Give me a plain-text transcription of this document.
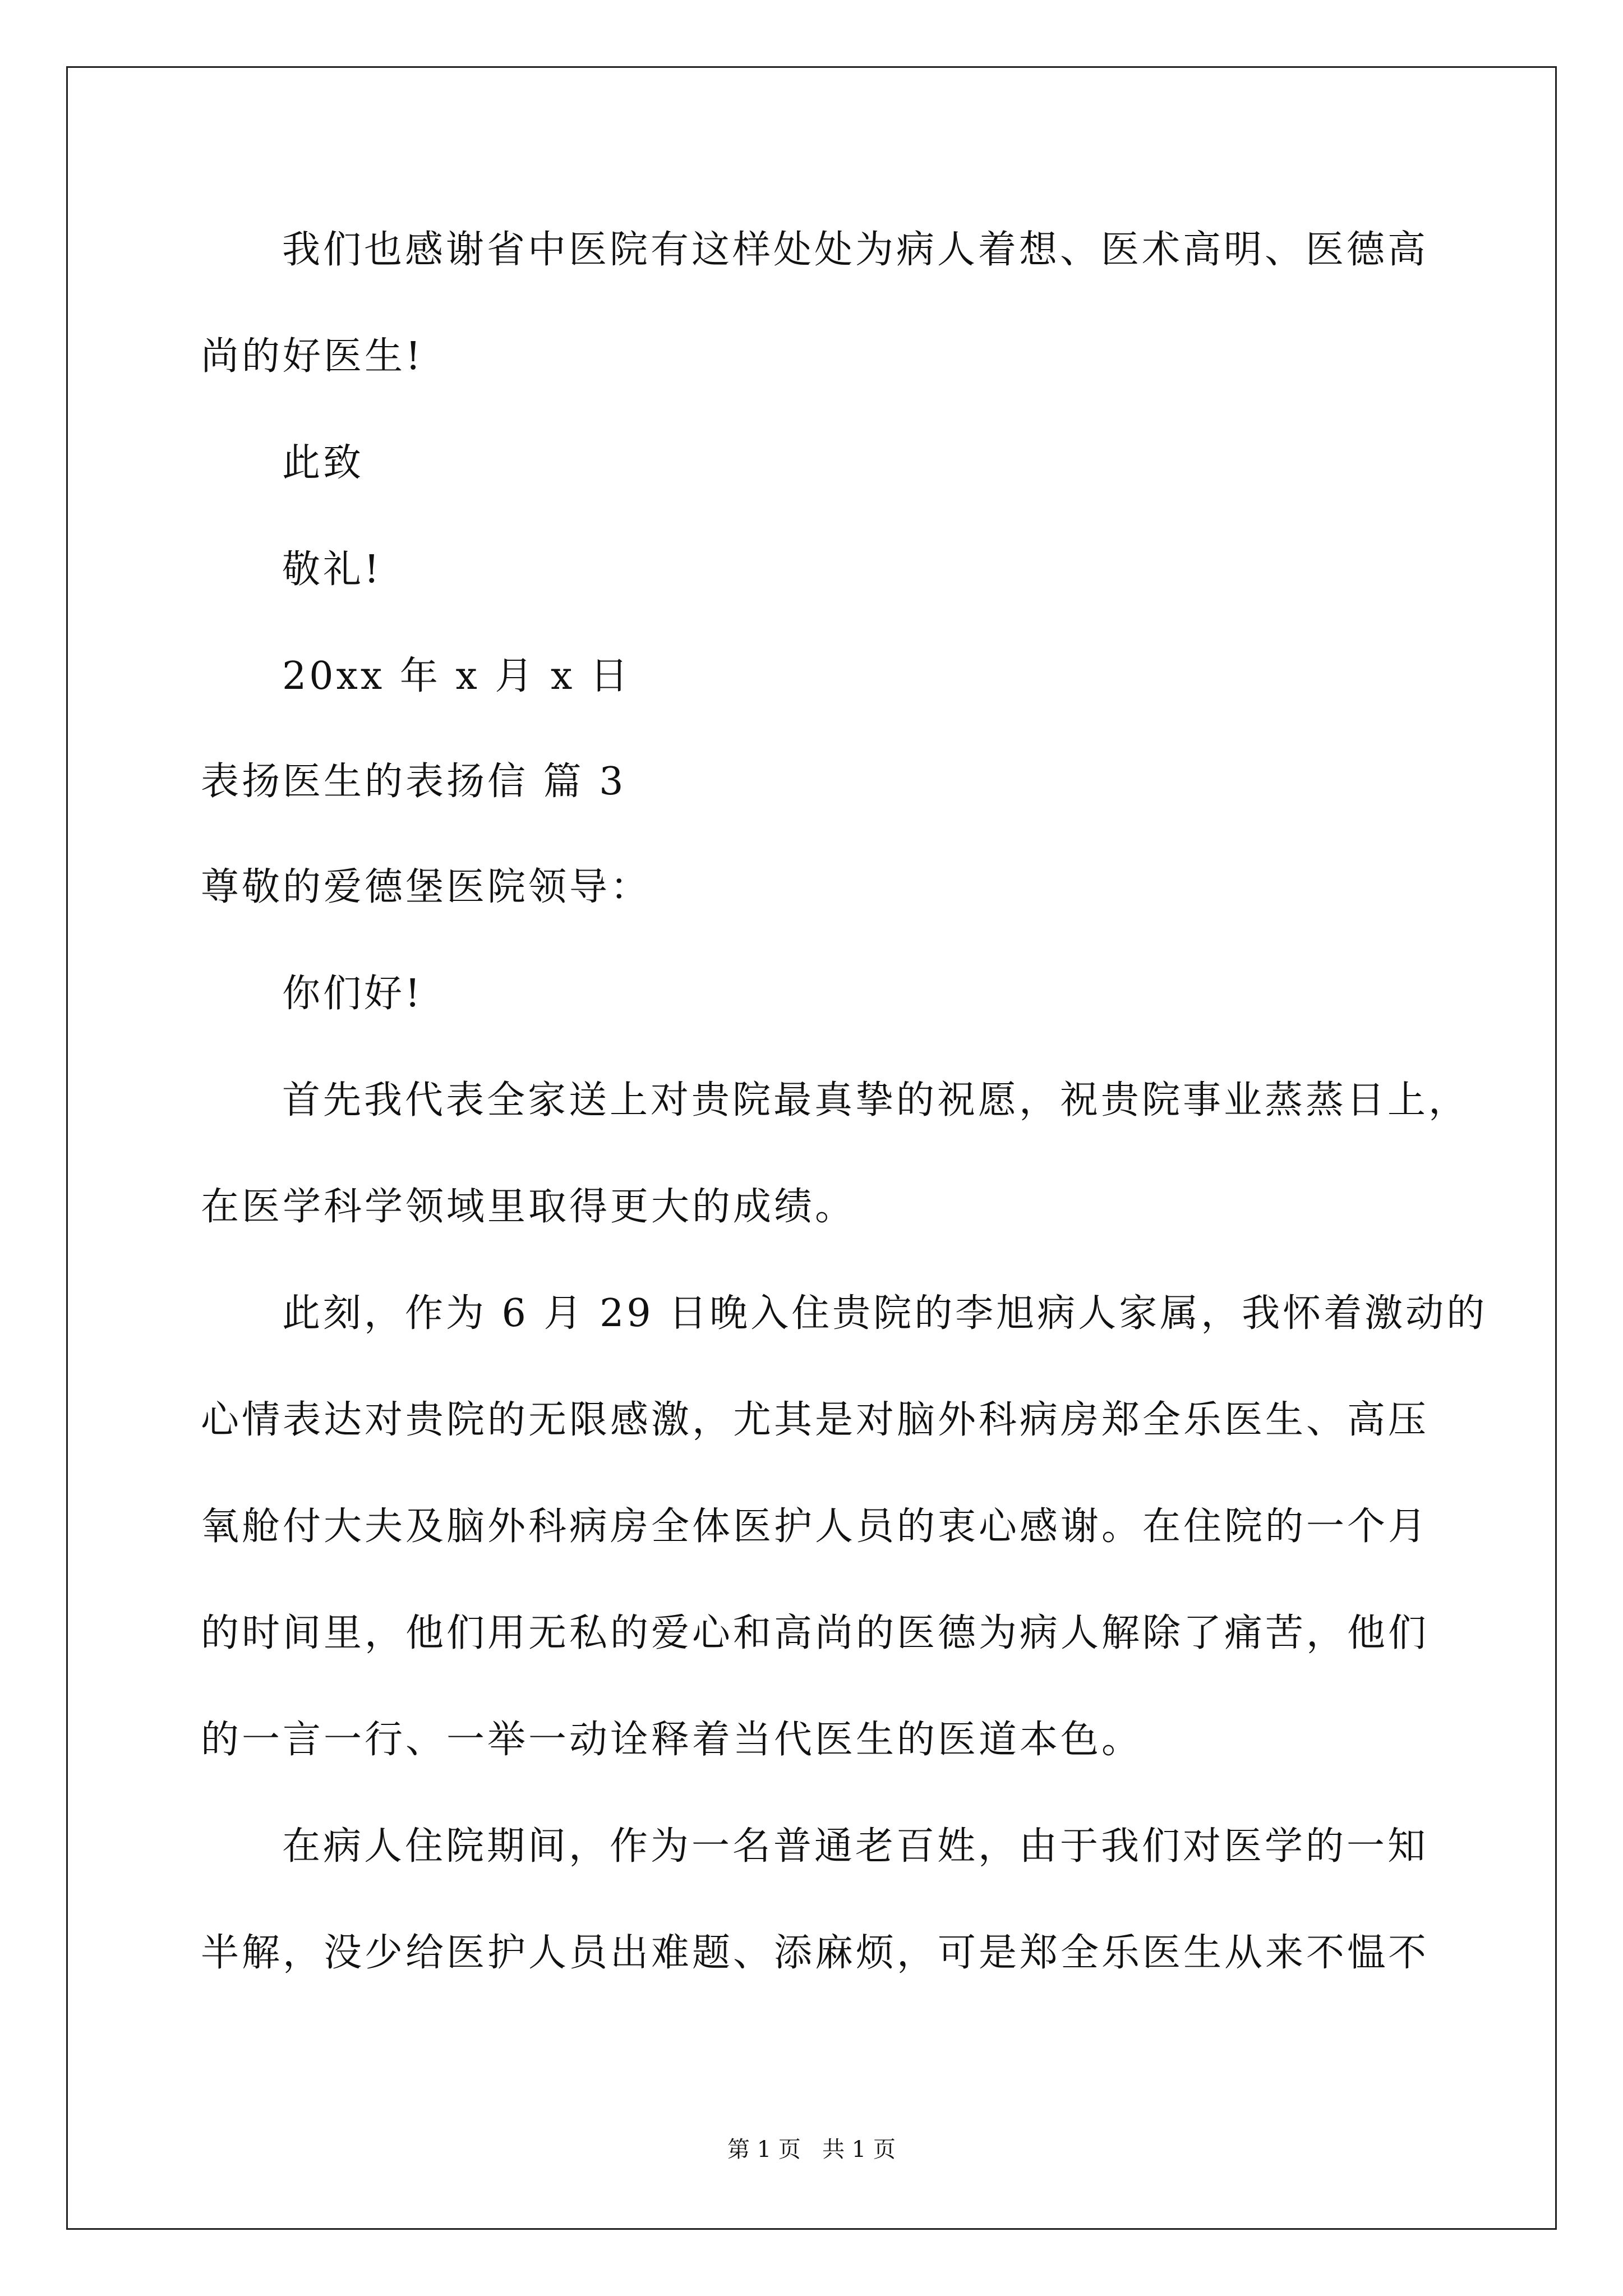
我们也感谢省中医院有这样处处为病人着想、医术高明、医德高
尚的好医生!
此致
敬礼!
20xx 年 x 月 x 日
表扬医生的表扬信 篇 3
尊敬的爱德堡医院领导：
你们好!
首先我代表全家送上对贵院最真挚的祝愿，祝贵院事业蒸蒸日上，
在医学科学领域里取得更大的成绩。
此刻，作为 6 月 29 日晚入住贵院的李旭病人家属，我怀着激动的
心情表达对贵院的无限感激，尤其是对脑外科病房郑全乐医生、高压
氧舱付大夫及脑外科病房全体医护人员的衷心感谢。在住院的一个月
的时间里，他们用无私的爱心和高尚的医德为病人解除了痛苦，他们
的一言一行、一举一动诠释着当代医生的医道本色。
在病人住院期间，作为一名普通老百姓，由于我们对医学的一知
半解，没少给医护人员出难题、添麻烦，可是郑全乐医生从来不愠不
第 1 页   共 1 页
